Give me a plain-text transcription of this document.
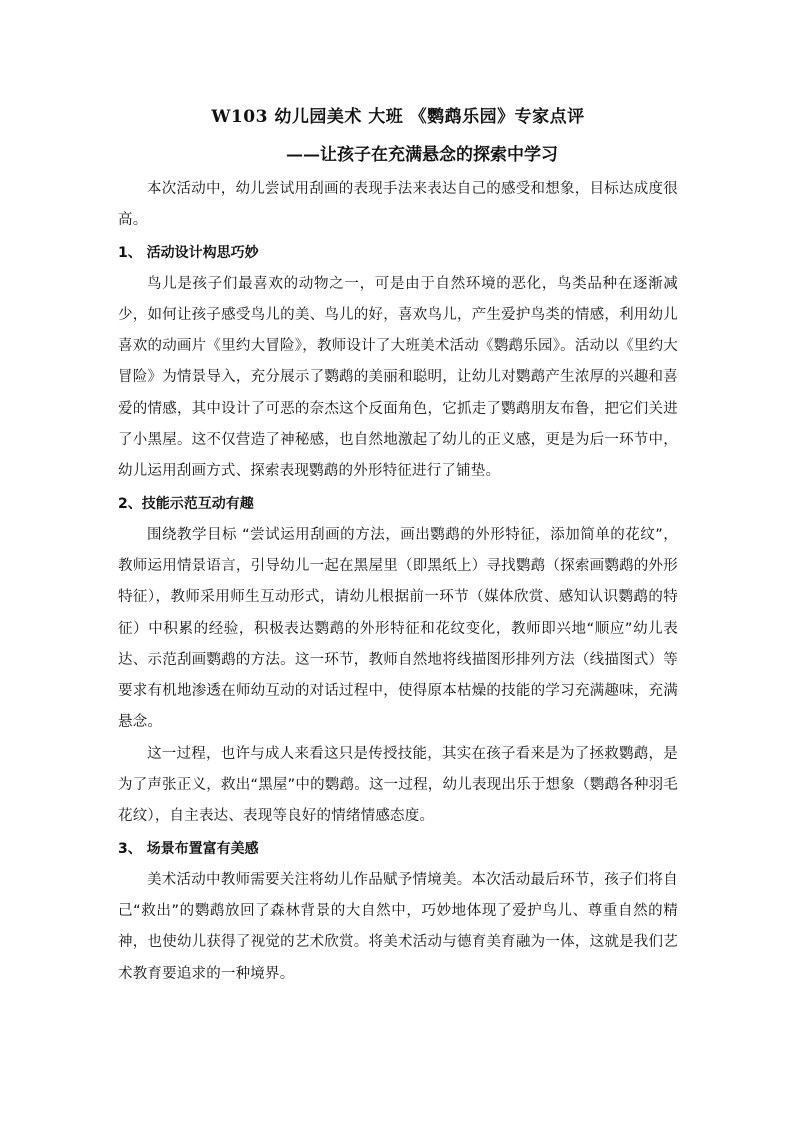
W103 幼儿园美术 大班 《鹦鹉乐园》专家点评
——让孩子在充满悬念的探索中学习

本次活动中，幼儿尝试用刮画的表现手法来表达自己的感受和想象，目标达成度很高。

1、 活动设计构思巧妙

鸟儿是孩子们最喜欢的动物之一，可是由于自然环境的恶化，鸟类品种在逐渐减少，如何让孩子感受鸟儿的美、鸟儿的好，喜欢鸟儿，产生爱护鸟类的情感，利用幼儿喜欢的动画片《里约大冒险》，教师设计了大班美术活动《鹦鹉乐园》。活动以《里约大冒险》为情景导入，充分展示了鹦鹉的美丽和聪明，让幼儿对鹦鹉产生浓厚的兴趣和喜爱的情感，其中设计了可恶的奈杰这个反面角色，它抓走了鹦鹉朋友布鲁，把它们关进了小黑屋。这不仅营造了神秘感，也自然地激起了幼儿的正义感，更是为后一环节中，幼儿运用刮画方式、探索表现鹦鹉的外形特征进行了铺垫。

2、技能示范互动有趣

围绕教学目标 “尝试运用刮画的方法，画出鹦鹉的外形特征，添加简单的花纹”，教师运用情景语言，引导幼儿一起在黑屋里（即黑纸上）寻找鹦鹉（探索画鹦鹉的外形特征），教师采用师生互动形式，请幼儿根据前一环节（媒体欣赏、感知认识鹦鹉的特征）中积累的经验，积极表达鹦鹉的外形特征和花纹变化，教师即兴地“顺应”幼儿表达、示范刮画鹦鹉的方法。这一环节，教师自然地将线描图形排列方法（线描图式）等要求有机地渗透在师幼互动的对话过程中，使得原本枯燥的技能的学习充满趣味，充满悬念。

这一过程，也许与成人来看这只是传授技能，其实在孩子看来是为了拯救鹦鹉，是为了声张正义，救出“黑屋”中的鹦鹉。这一过程，幼儿表现出乐于想象（鹦鹉各种羽毛花纹），自主表达、表现等良好的情绪情感态度。

3、 场景布置富有美感

美术活动中教师需要关注将幼儿作品赋予情境美。本次活动最后环节，孩子们将自己“救出”的鹦鹉放回了森林背景的大自然中，巧妙地体现了爱护鸟儿、尊重自然的精神，也使幼儿获得了视觉的艺术欣赏。将美术活动与德育美育融为一体，这就是我们艺术教育要追求的一种境界。
